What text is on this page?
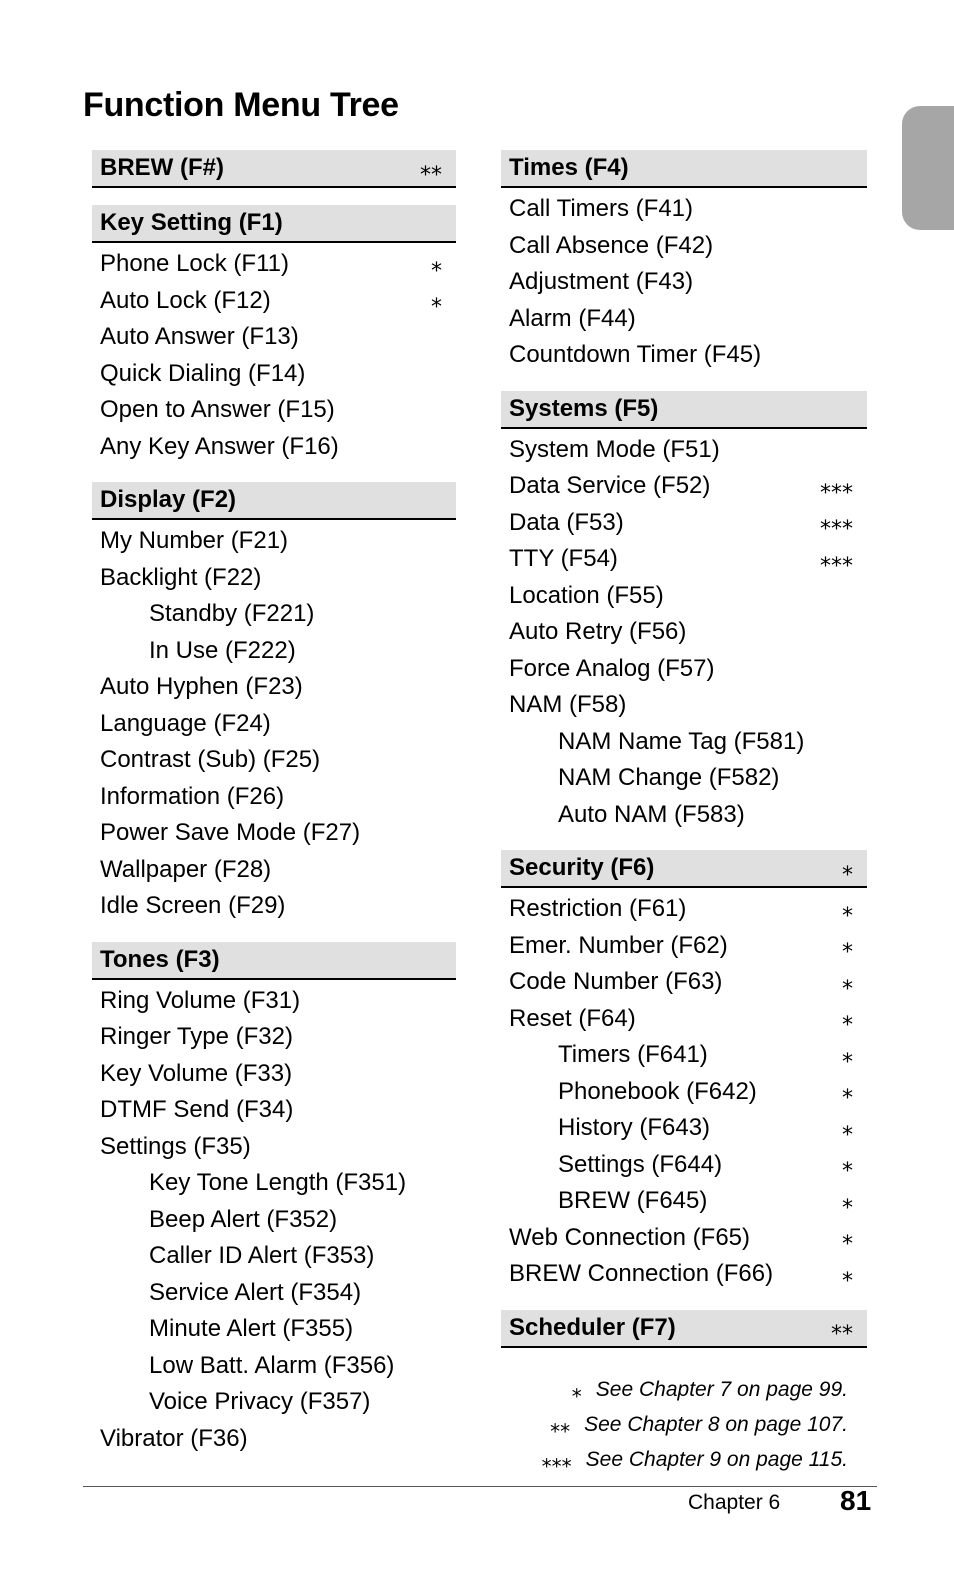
Function Menu Tree
BREW (F#)	⁎⁎
Key Setting (F1)
Phone Lock (F11)	⁎
Auto Lock (F12)	⁎
Auto Answer (F13)
Quick Dialing (F14)
Open to Answer (F15)
Any Key Answer (F16)
Display (F2)
My Number (F21)
Backlight (F22)
Standby (F221)
In Use (F222)
Auto Hyphen (F23)
Language (F24)
Contrast (Sub) (F25)
Information (F26)
Power Save Mode (F27)
Wallpaper (F28)
Idle Screen (F29)
Tones (F3)
Ring Volume (F31)
Ringer Type (F32)
Key Volume (F33)
DTMF Send (F34)
Settings (F35)
Key Tone Length (F351)
Beep Alert (F352)
Caller ID Alert (F353)
Service Alert (F354)
Minute Alert (F355)
Low Batt. Alarm (F356)
Voice Privacy (F357)
Vibrator (F36)
Times (F4)
Call Timers (F41)
Call Absence (F42)
Adjustment (F43)
Alarm (F44)
Countdown Timer (F45)
Systems (F5)
System Mode (F51)
Data Service (F52)	⁎⁎⁎
Data (F53)	⁎⁎⁎
TTY (F54)	⁎⁎⁎
Location (F55)
Auto Retry (F56)
Force Analog (F57)
NAM (F58)
NAM Name Tag (F581)
NAM Change (F582)
Auto NAM (F583)
Security (F6)	⁎
Restriction (F61)	⁎
Emer. Number (F62)	⁎
Code Number (F63)	⁎
Reset (F64)	⁎
Timers (F641)	⁎
Phonebook (F642)	⁎
History (F643)	⁎
Settings (F644)	⁎
BREW (F645)	⁎
Web Connection (F65)	⁎
BREW Connection (F66)	⁎
Scheduler (F7)	⁎⁎
⁎ See Chapter 7 on page 99.
⁎⁎ See Chapter 8 on page 107.
⁎⁎⁎ See Chapter 9 on page 115.
Chapter 6 81
